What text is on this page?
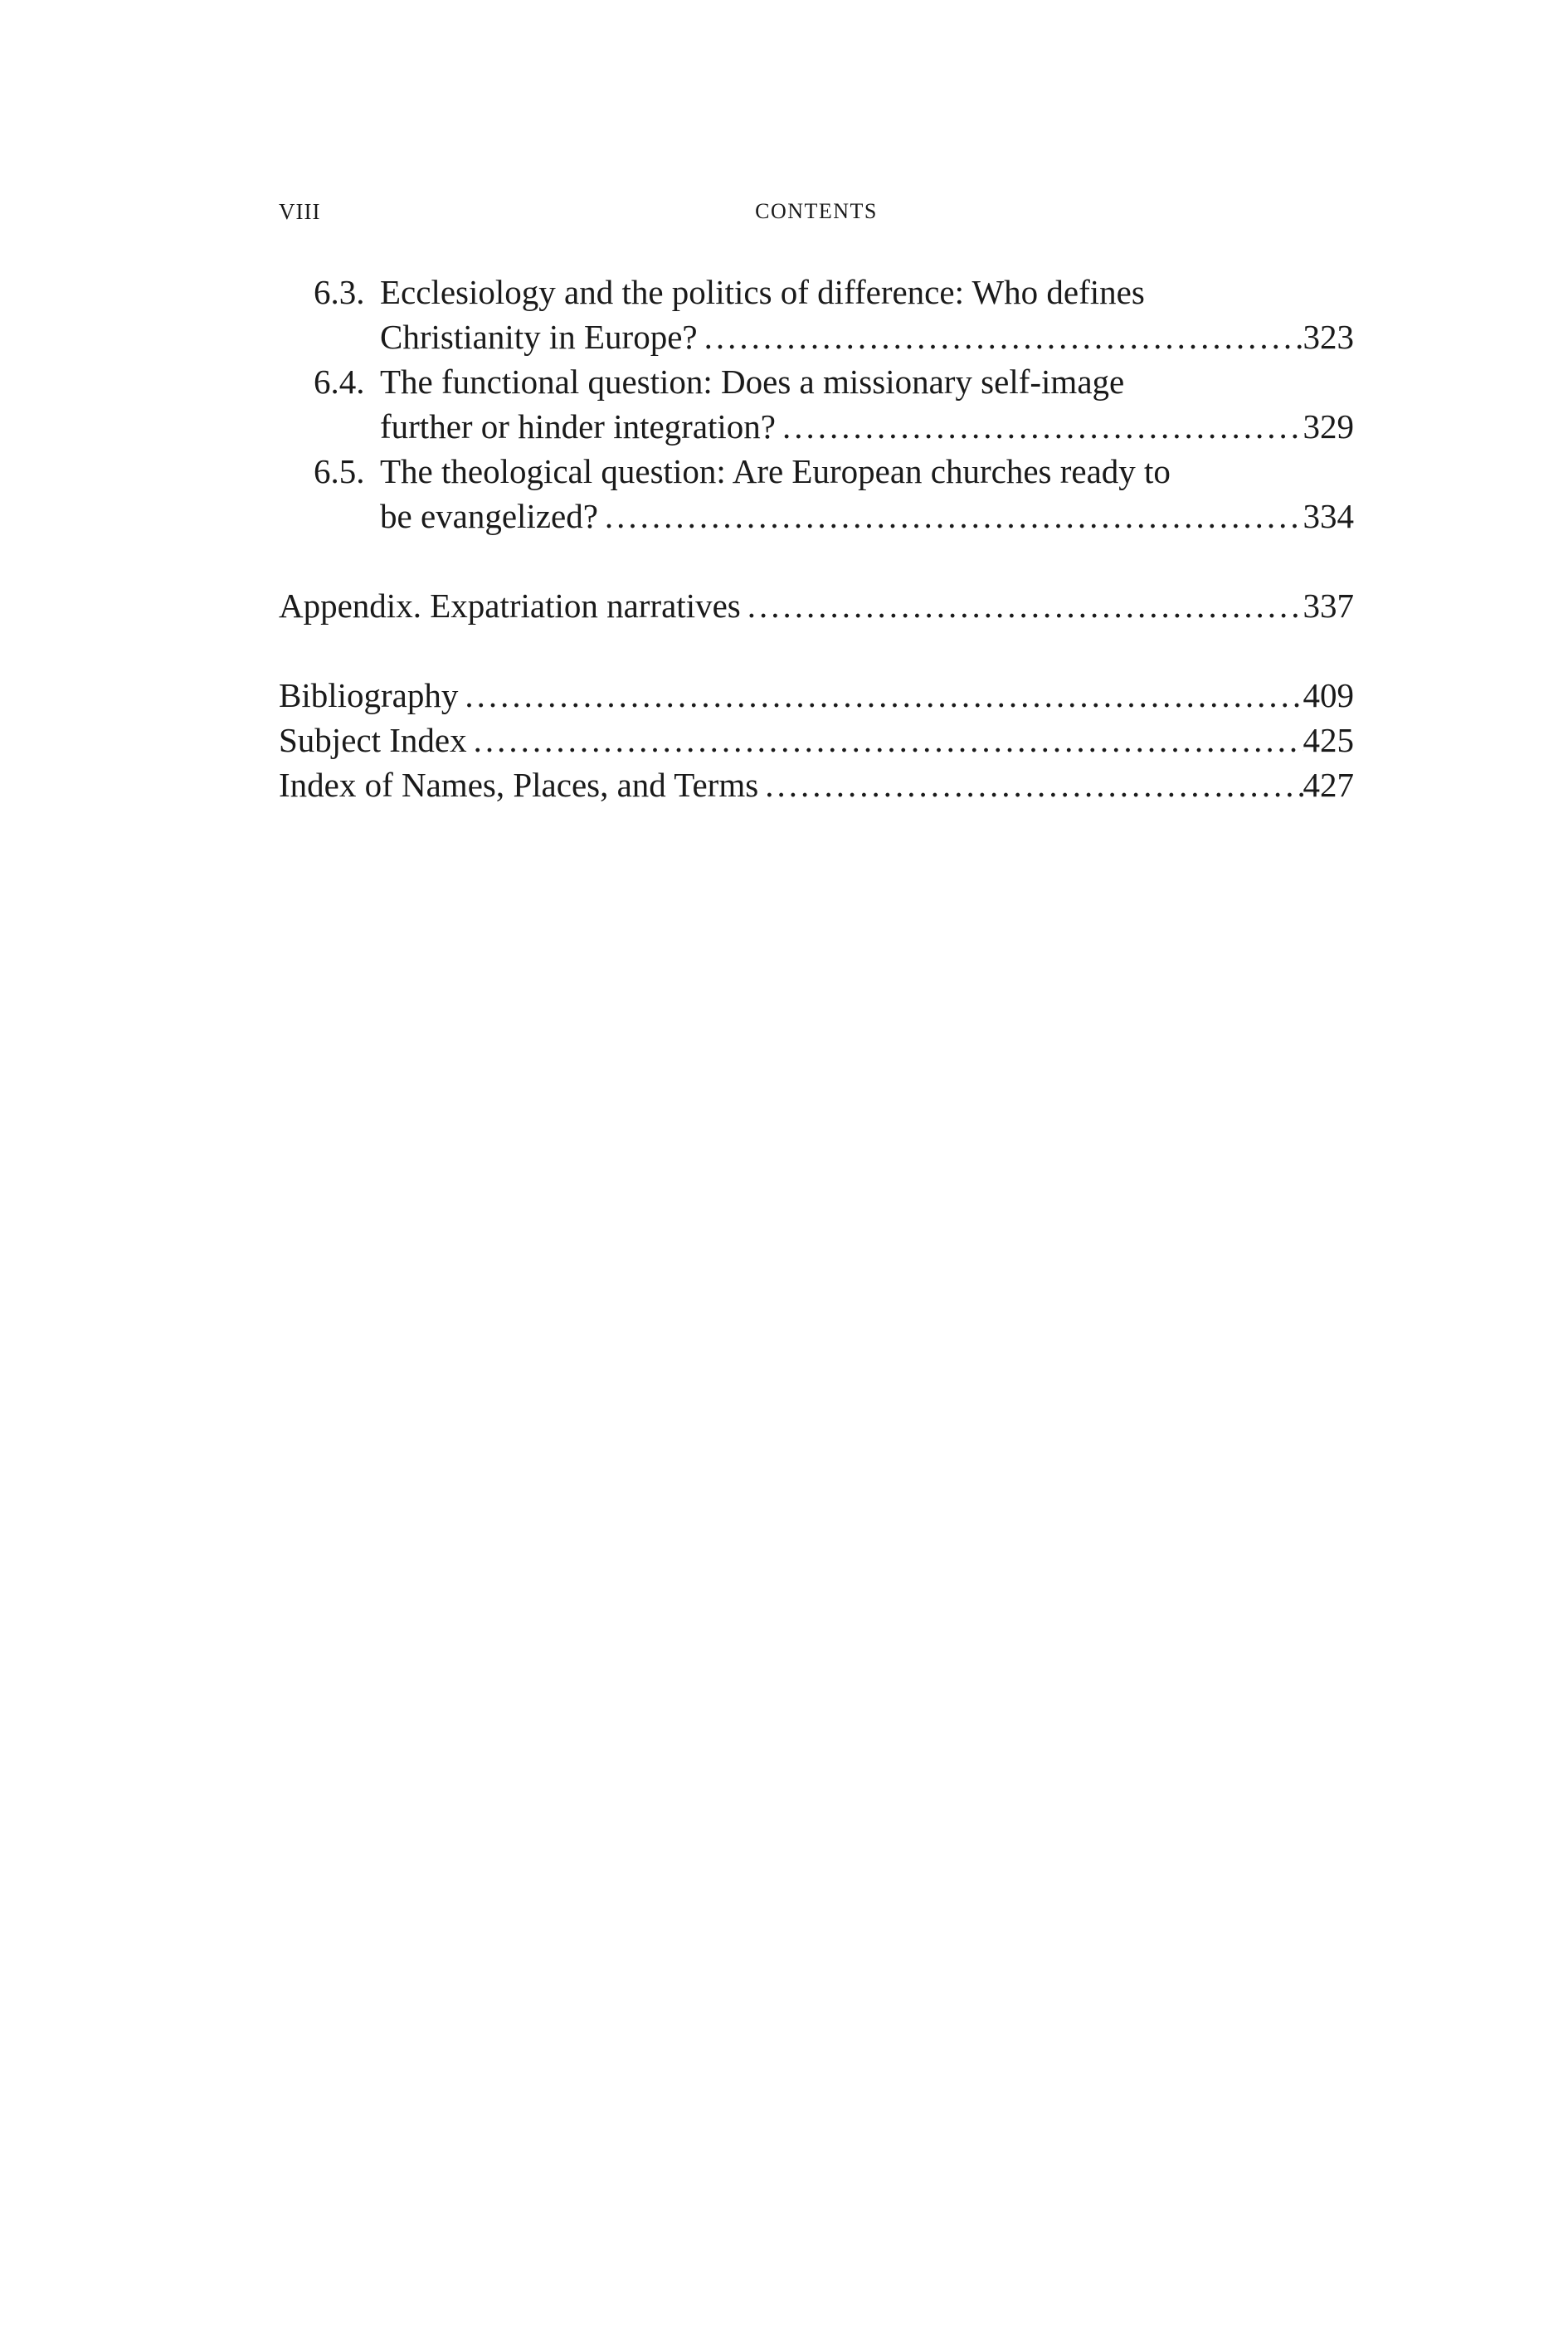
VIII	CONTENTS
6.3. Ecclesiology and the politics of difference: Who defines
Christianity in Europe? .....	323
6.4. The functional question: Does a missionary self-image
further or hinder integration? .....	329
6.5. The theological question: Are European churches ready to
be evangelized? .....	334
Appendix. Expatriation narratives .....	337
Bibliography .....	409
Subject Index .....	425
Index of Names, Places, and Terms .....	427
